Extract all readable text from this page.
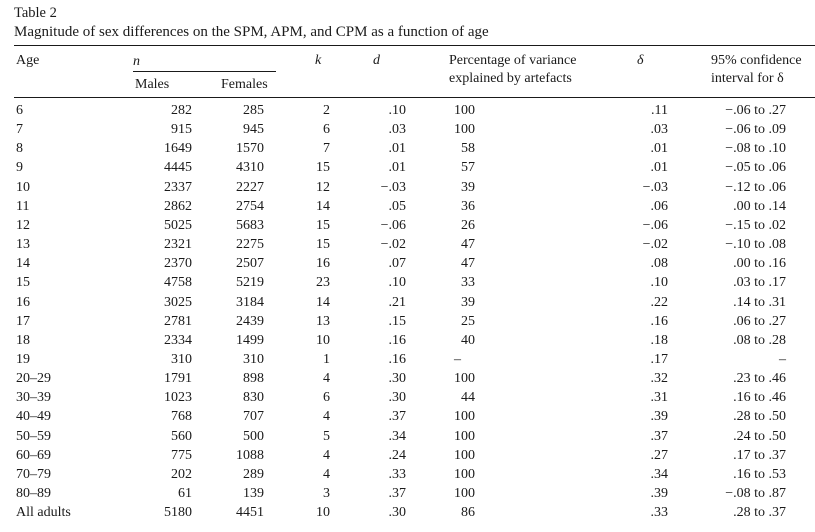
Table 2
Magnitude of sex differences on the SPM, APM, and CPM as a function of age
Age	n	k	d	Percentage of variance
explained by artefacts
δ	95% confidence
interval for δ
Males	Females
6	282	285	2	.10	100	.11	−.06 to .27
7	915	945	6	.03	100	.03	−.06 to .09
8	1649	1570	7	.01	58	.01	−.08 to .10
9	4445	4310	15	.01	57	.01	−.05 to .06
10	2337	2227	12	−.03	39	−.03	−.12 to .06
11	2862	2754	14	.05	36	.06	.00 to .14
12	5025	5683	15	−.06	26	−.06	−.15 to .02
13	2321	2275	15	−.02	47	−.02	−.10 to .08
14	2370	2507	16	.07	47	.08	.00 to .16
15	4758	5219	23	.10	33	.10	.03 to .17
16	3025	3184	14	.21	39	.22	.14 to .31
17	2781	2439	13	.15	25	.16	.06 to .27
18	2334	1499	10	.16	40	.18	.08 to .28
19	310	310	1	.16	–	.17	–
20–29	1791	898	4	.30	100	.32	.23 to .46
30–39	1023	830	6	.30	44	.31	.16 to .46
40–49	768	707	4	.37	100	.39	.28 to .50
50–59	560	500	5	.34	100	.37	.24 to .50
60–69	775	1088	4	.24	100	.27	.17 to .37
70–79	202	289	4	.33	100	.34	.16 to .53
80–89	61	139	3	.37	100	.39	−.08 to .87
All adults	5180	4451	10	.30	86	.33	.28 to .37
